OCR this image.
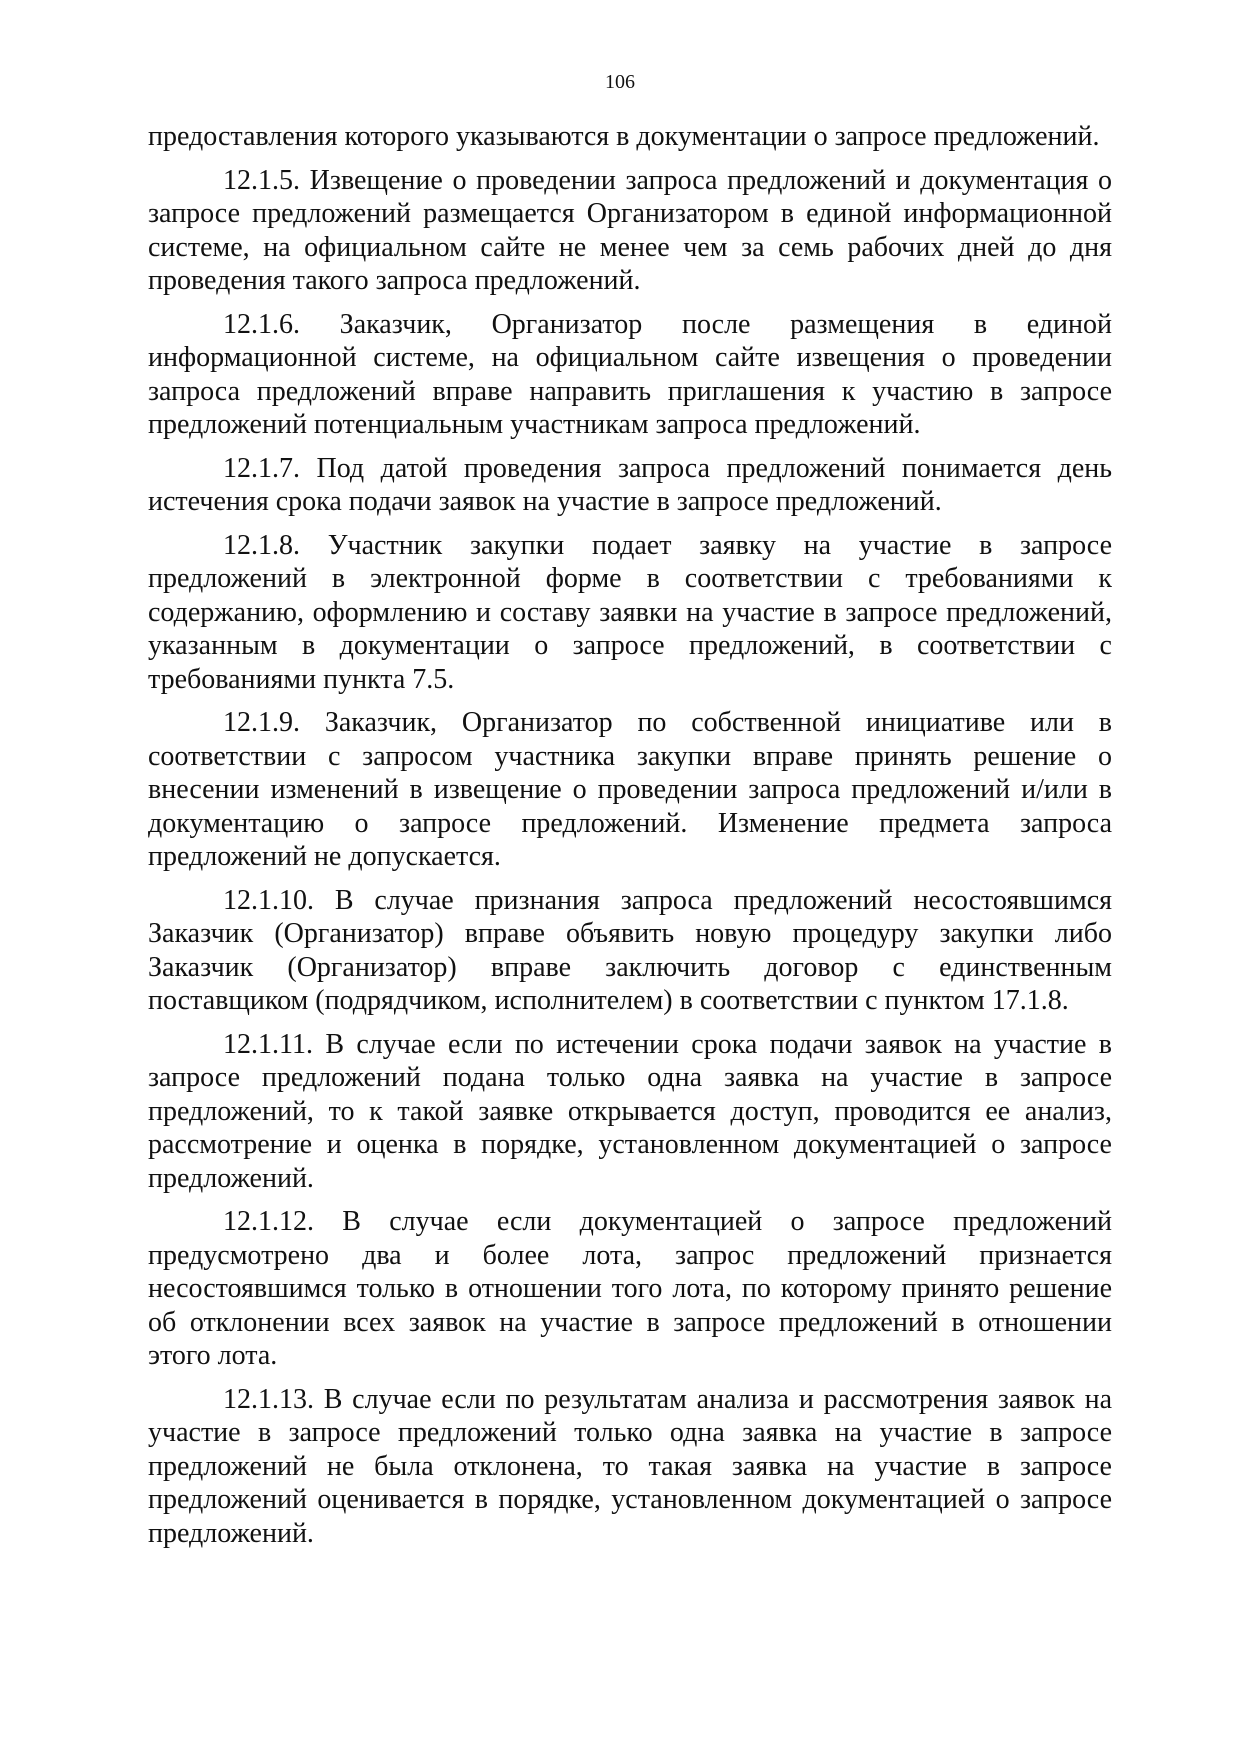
106

предоставления которого указываются в документации о запросе предложений.

12.1.5. Извещение о проведении запроса предложений и документация о запросе предложений размещается Организатором в единой информационной системе, на официальном сайте не менее чем за семь рабочих дней до дня проведения такого запроса предложений.

12.1.6. Заказчик, Организатор после размещения в единой информационной системе, на официальном сайте извещения о проведении запроса предложений вправе направить приглашения к участию в запросе предложений потенциальным участникам запроса предложений.

12.1.7. Под датой проведения запроса предложений понимается день истечения срока подачи заявок на участие в запросе предложений.

12.1.8. Участник закупки подает заявку на участие в запросе предложений в электронной форме в соответствии с требованиями к содержанию, оформлению и составу заявки на участие в запросе предложений, указанным в документации о запросе предложений, в соответствии с требованиями пункта 7.5.

12.1.9. Заказчик, Организатор по собственной инициативе или в соответствии с запросом участника закупки вправе принять решение о внесении изменений в извещение о проведении запроса предложений и/или в документацию о запросе предложений. Изменение предмета запроса предложений не допускается.

12.1.10. В случае признания запроса предложений несостоявшимся Заказчик (Организатор) вправе объявить новую процедуру закупки либо Заказчик (Организатор) вправе заключить договор с единственным поставщиком (подрядчиком, исполнителем) в соответствии с пунктом 17.1.8.

12.1.11. В случае если по истечении срока подачи заявок на участие в запросе предложений подана только одна заявка на участие в запросе предложений, то к такой заявке открывается доступ, проводится ее анализ, рассмотрение и оценка в порядке, установленном документацией о запросе предложений.

12.1.12. В случае если документацией о запросе предложений предусмотрено два и более лота, запрос предложений признается несостоявшимся только в отношении того лота, по которому принято решение об отклонении всех заявок на участие в запросе предложений в отношении этого лота.

12.1.13. В случае если по результатам анализа и рассмотрения заявок на участие в запросе предложений только одна заявка на участие в запросе предложений не была отклонена, то такая заявка на участие в запросе предложений оценивается в порядке, установленном документацией о запросе предложений.
